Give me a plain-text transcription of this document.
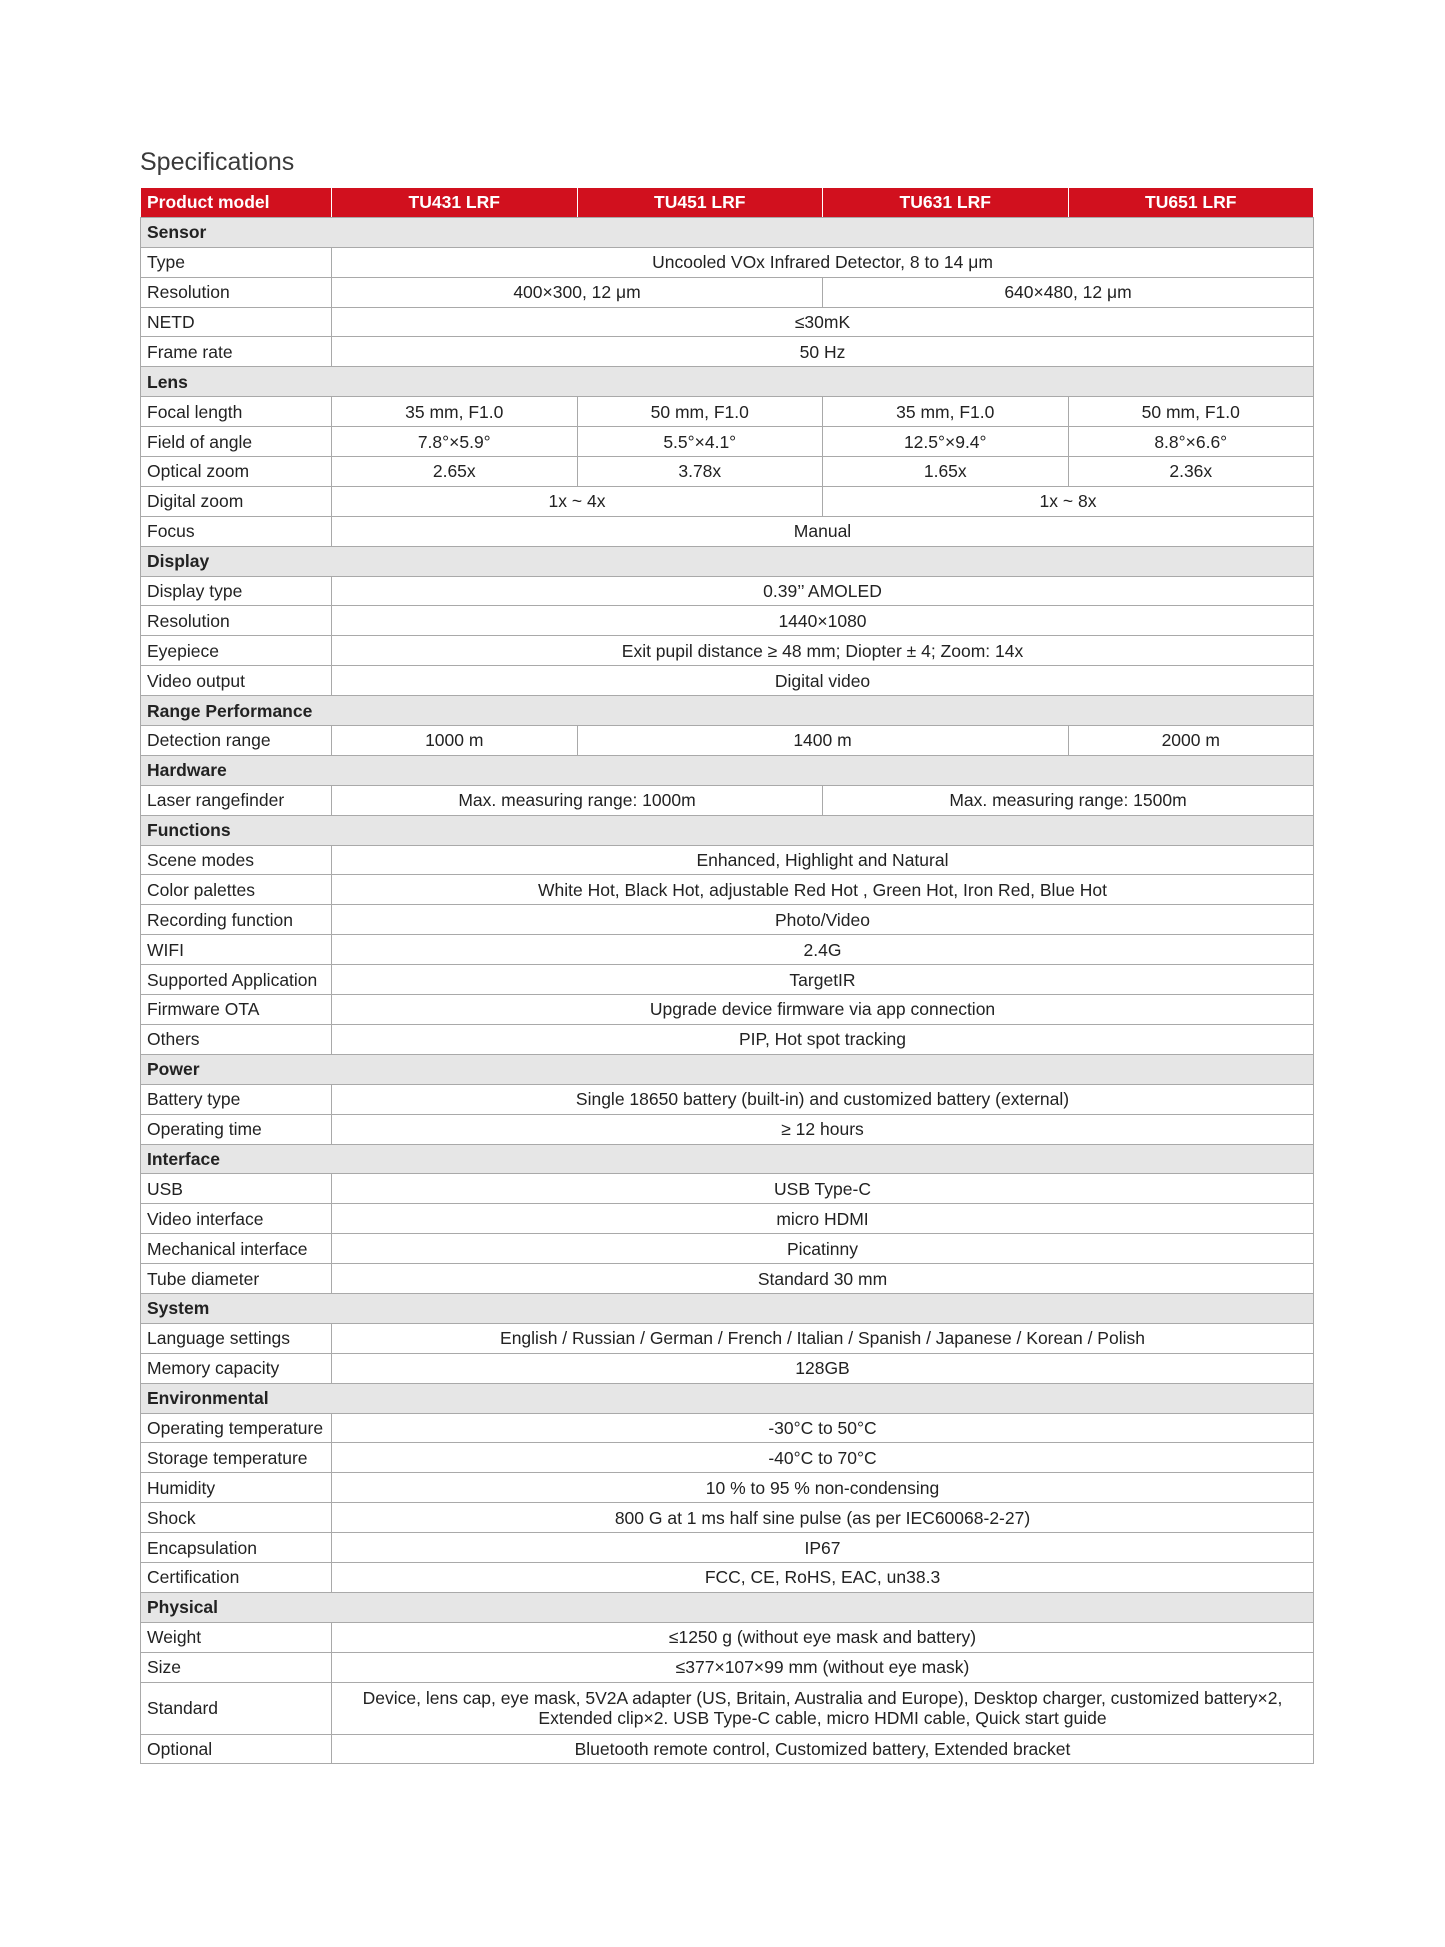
Specifications
Product model	TU431 LRF	TU451 LRF	TU631 LRF	TU651 LRF
Sensor				
Type	Uncooled VOx Infrared Detector, 8 to 14 μm			
Resolution	400×300, 12 μm		640×480, 12 μm	
NETD	≤30mK			
Frame rate	50 Hz			
Lens				
Focal length	35 mm, F1.0	50 mm, F1.0	35 mm, F1.0	50 mm, F1.0
Field of angle	7.8°×5.9°	5.5°×4.1°	12.5°×9.4°	8.8°×6.6°
Optical zoom	2.65x	3.78x	1.65x	2.36x
Digital zoom	1x ~ 4x		1x ~ 8x	
Focus	Manual			
Display				
Display type	0.39’’ AMOLED			
Resolution	1440×1080			
Eyepiece	Exit pupil distance ≥ 48 mm; Diopter ± 4; Zoom: 14x			
Video output	Digital video			
Range Performance				
Detection range	1000 m	1400 m		2000 m
Hardware				
Laser rangefinder	Max. measuring range: 1000m		Max. measuring range: 1500m	
Functions				
Scene modes	Enhanced, Highlight and Natural			
Color palettes	White Hot, Black Hot, adjustable Red Hot , Green Hot, Iron Red, Blue Hot			
Recording function	Photo/Video			
WIFI	2.4G			
Supported Application	TargetIR			
Firmware OTA	Upgrade device firmware via app connection			
Others	PIP, Hot spot tracking			
Power				
Battery type	Single 18650 battery (built-in) and customized battery (external)			
Operating time	≥ 12 hours			
Interface				
USB	USB Type-C			
Video interface	micro HDMI			
Mechanical interface	Picatinny			
Tube diameter	Standard 30 mm			
System				
Language settings	English / Russian / German / French / Italian / Spanish / Japanese / Korean / Polish			
Memory capacity	128GB			
Environmental				
Operating temperature	-30°C to 50°C			
Storage temperature	-40°C to 70°C			
Humidity	10 % to 95 % non-condensing			
Shock	800 G at 1 ms half sine pulse (as per IEC60068-2-27)			
Encapsulation	IP67			
Certification	FCC, CE, RoHS, EAC, un38.3			
Physical				
Weight	≤1250 g (without eye mask and battery)			
Size	≤377×107×99 mm (without eye mask)			
Standard	Device, lens cap, eye mask, 5V2A adapter (US, Britain, Australia and Europe), Desktop charger, customized battery×2, Extended clip×2. USB Type-C cable, micro HDMI cable, Quick start guide			
Optional	Bluetooth remote control, Customized battery, Extended bracket			
